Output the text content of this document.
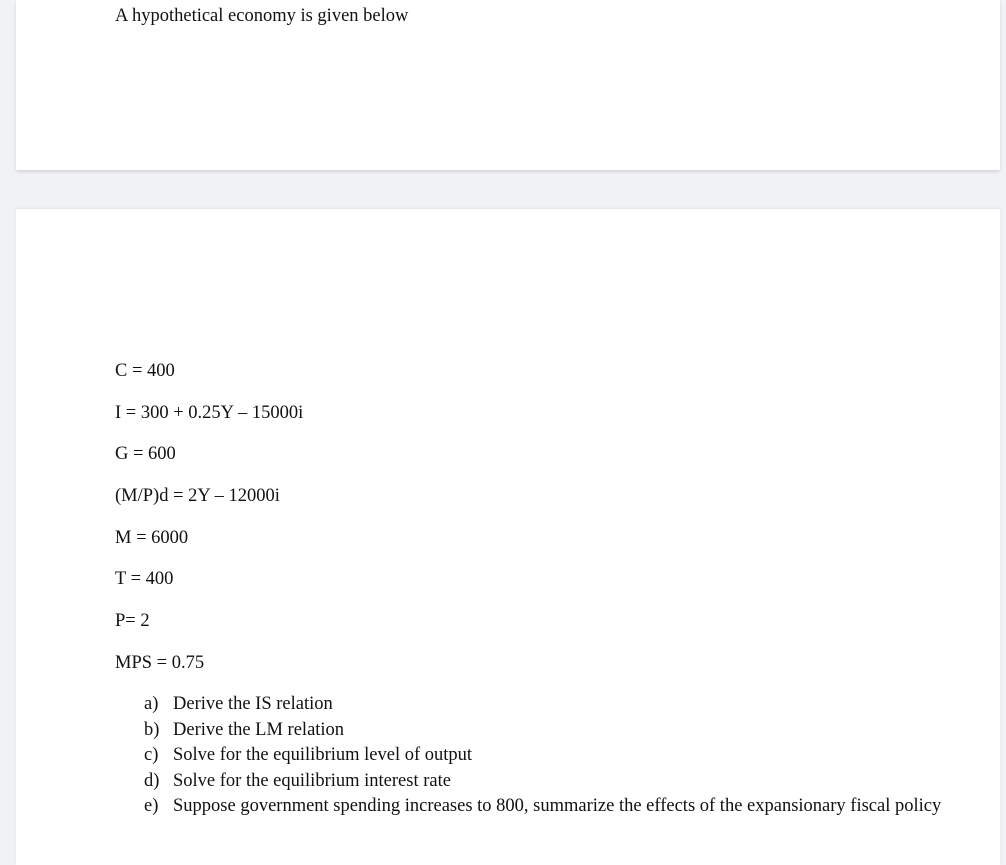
A hypothetical economy is given below

C = 400
I = 300 + 0.25Y – 15000i
G = 600
(M/P)d = 2Y – 12000i
M = 6000
T = 400
P= 2
MPS = 0.75
a) Derive the IS relation
b) Derive the LM relation
c) Solve for the equilibrium level of output
d) Solve for the equilibrium interest rate
e) Suppose government spending increases to 800, summarize the effects of the expansionary fiscal policy
